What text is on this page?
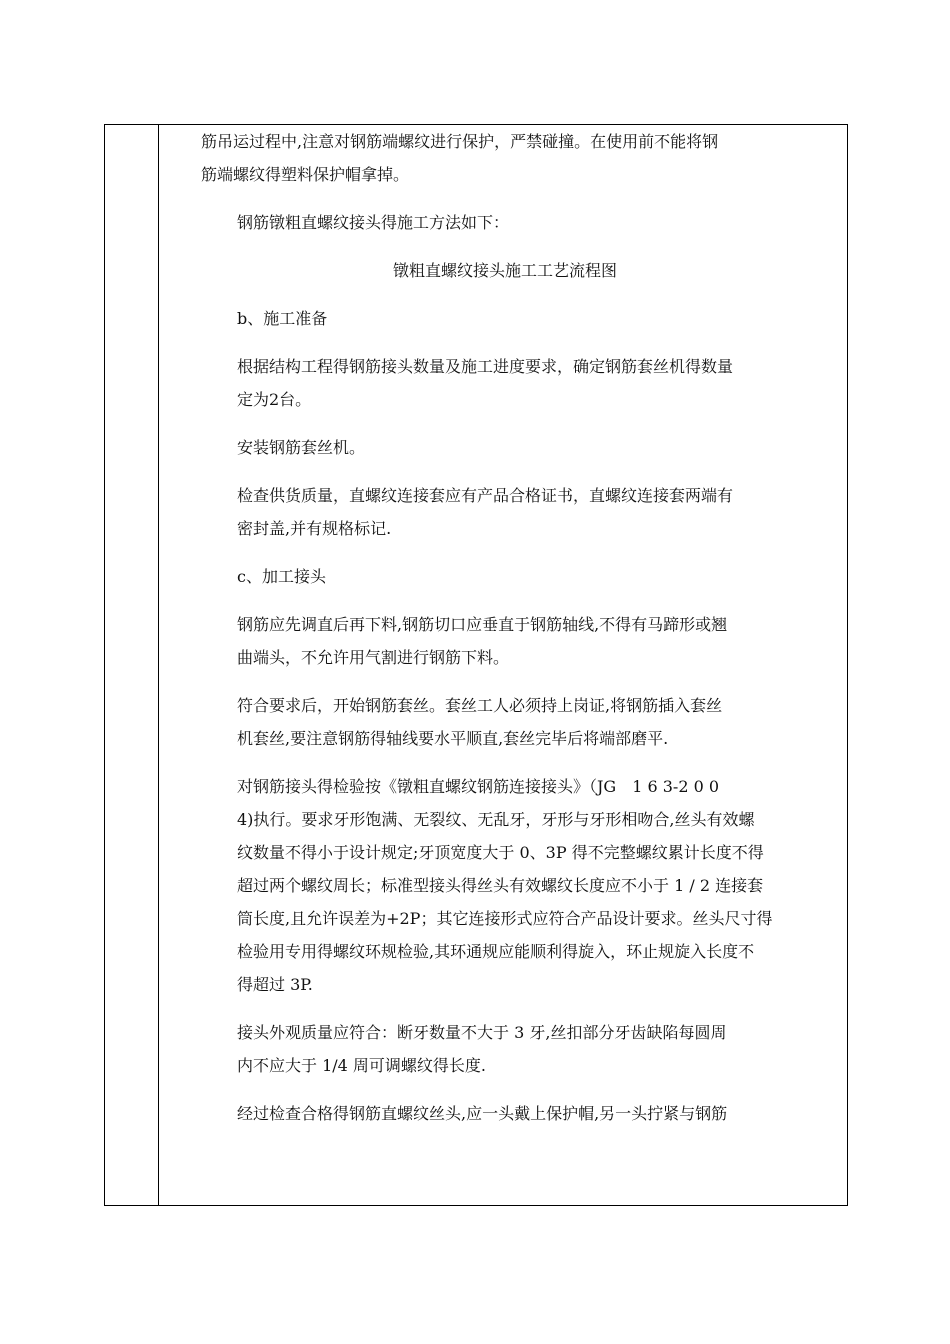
筋吊运过程中,注意对钢筋端螺纹进行保护，严禁碰撞。在使用前不能将钢
筋端螺纹得塑料保护帽拿掉。
钢筋镦粗直螺纹接头得施工方法如下：
镦粗直螺纹接头施工工艺流程图
b、施工准备
根据结构工程得钢筋接头数量及施工进度要求，确定钢筋套丝机得数量
定为2台。
安装钢筋套丝机。
检查供货质量，直螺纹连接套应有产品合格证书，直螺纹连接套两端有
密封盖,并有规格标记.
c、加工接头
钢筋应先调直后再下料,钢筋切口应垂直于钢筋轴线,不得有马蹄形或翘
曲端头，不允许用气割进行钢筋下料。
符合要求后，开始钢筋套丝。套丝工人必须持上岗证,将钢筋插入套丝
机套丝,要注意钢筋得轴线要水平顺直,套丝完毕后将端部磨平.
对钢筋接头得检验按《镦粗直螺纹钢筋连接接头》（JG　1 6 3-2 0 0
4)执行。要求牙形饱满、无裂纹、无乱牙，牙形与牙形相吻合,丝头有效螺
纹数量不得小于设计规定;牙顶宽度大于 0、3P 得不完整螺纹累计长度不得
超过两个螺纹周长；标准型接头得丝头有效螺纹长度应不小于 1 / 2 连接套
筒长度,且允许误差为+2P；其它连接形式应符合产品设计要求。丝头尺寸得
检验用专用得螺纹环规检验,其环通规应能顺利得旋入，环止规旋入长度不
得超过 3P.
接头外观质量应符合：断牙数量不大于 3 牙,丝扣部分牙齿缺陷每圆周
内不应大于 1/4 周可调螺纹得长度.
经过检查合格得钢筋直螺纹丝头,应一头戴上保护帽,另一头拧紧与钢筋
